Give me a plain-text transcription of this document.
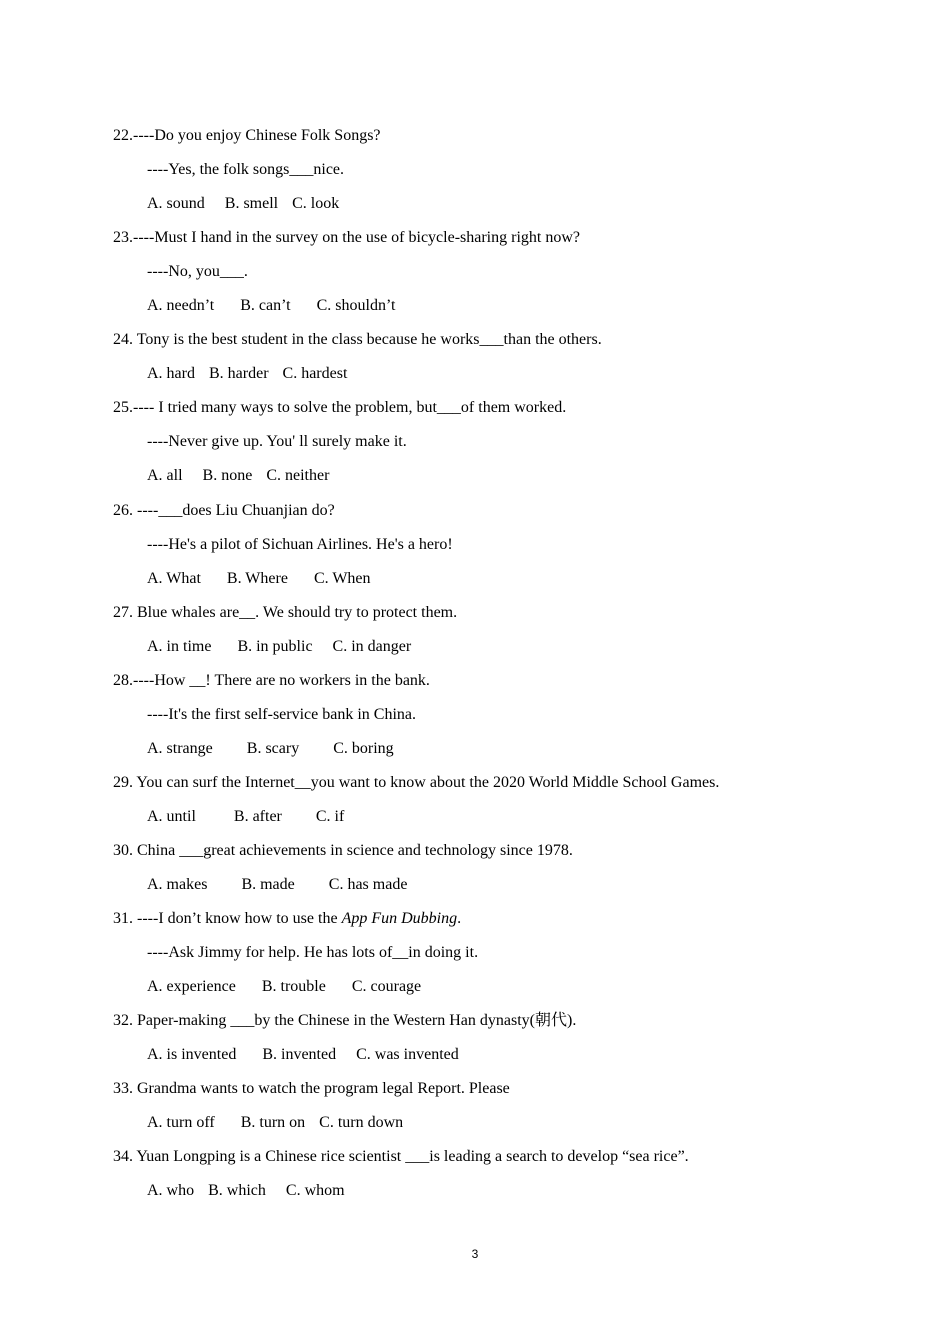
22.----Do you enjoy Chinese Folk Songs?
----Yes, the folk songs___nice.
A. sound B. smell C. look
23.----Must I hand in the survey on the use of bicycle-sharing right now?
----No, you___.
A. needn’t B. can’t C. shouldn’t
24. Tony is the best student in the class because he works___than the others.
A. hard B. harder C. hardest
25.---- I tried many ways to solve the problem, but___of them worked.
----Never give up. You' ll surely make it.
A. all B. none C. neither
26. ----___does Liu Chuanjian do?
----He's a pilot of Sichuan Airlines. He's a hero!
A. What B. Where C. When
27. Blue whales are__. We should try to protect them.
A. in time B. in public C. in danger
28.----How __! There are no workers in the bank.
----It's the first self-service bank in China.
A. strange B. scary C. boring
29. You can surf the Internet__you want to know about the 2020 World Middle School Games.
A. until B. after C. if
30. China ___great achievements in science and technology since 1978.
A. makes B. made C. has made
31. ----I don’t know how to use the App Fun Dubbing.
----Ask Jimmy for help. He has lots of__in doing it.
A. experience B. trouble C. courage
32. Paper-making ___by the Chinese in the Western Han dynasty(朝代).
A. is invented B. invented C. was invented
33. Grandma wants to watch the program legal Report. Please
A. turn off B. turn on C. turn down
34. Yuan Longping is a Chinese rice scientist ___is leading a search to develop “sea rice”.
A. who B. which C. whom
3
